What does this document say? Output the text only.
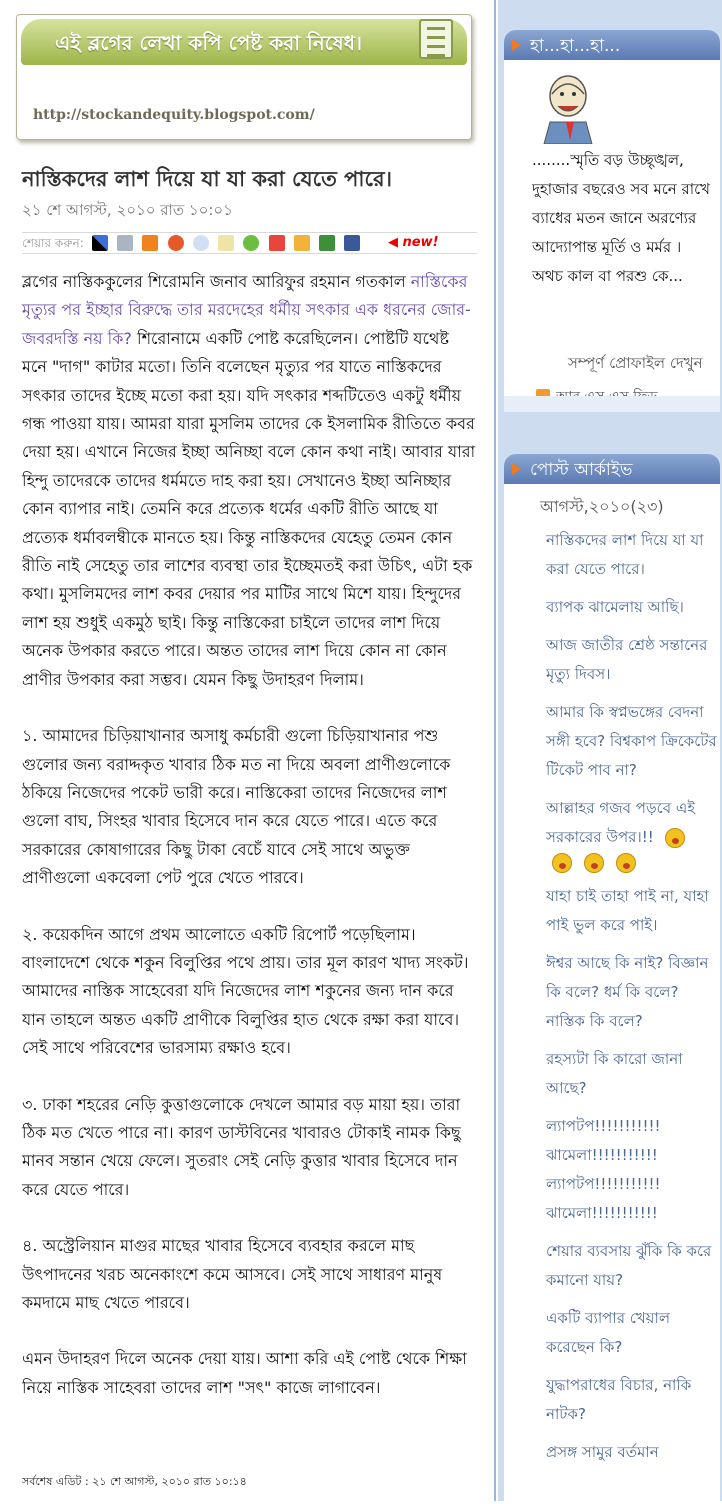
এই ব্লগের লেখা কপি পেষ্ট করা নিষেধ।
http://stockandequity.blogspot.com/
নাস্তিকদের লাশ দিয়ে যা যা করা যেতে পারে।
২১ শে আগস্ট, ২০১০ রাত ১০:০১
শেয়ার করুন:
◀	new!

ব্লগের নাস্তিককুলের শিরোমনি জনাব আরিফুর রহমান গতকাল নাস্তিকের মৃত্যুর পর ইচ্ছার বিরুদ্ধে তার মরদেহের ধর্মীয় সৎকার এক ধরনের জোর-জবরদস্তি নয় কি? শিরোনামে একটি পোষ্ট করেছিলেন। পোষ্টটি যথেষ্ট মনে "দাগ" কাটার মতো। তিনি বলেছেন মৃত্যুর পর যাতে নাস্তিকদের সৎকার তাদের ইচ্ছে মতো করা হয়। যদি সৎকার শব্দটিতেও একটু ধর্মীয় গন্ধ পাওয়া যায়। আমরা যারা মুসলিম তাদের কে ইসলামিক রীতিতে কবর দেয়া হয়। এখানে নিজের ইচ্ছা অনিচ্ছা বলে কোন কথা নাই। আবার যারা হিন্দু তাদেরকে তাদের ধর্মমতে দাহ করা হয়। সেখানেও ইচ্ছা অনিচ্ছার কোন ব্যাপার নাই। তেমনি করে প্রত্যেক ধর্মের একটি রীতি আছে যা প্রত্যেক ধর্মাবলম্বীকে মানতে হয়। কিন্তু নাস্তিকদের যেহেতু তেমন কোন রীতি নাই সেহেতু তার লাশের ব্যবস্থা তার ইচ্ছেমতই করা উচিৎ, এটা হক কথা। মুসলিমদের লাশ কবর দেয়ার পর মাটির সাথে মিশে যায়। হিন্দুদের লাশ হয় শুধুই একমুঠ ছাই। কিন্তু নাস্তিকেরা চাইলে তাদের লাশ দিয়ে অনেক উপকার করতে পারে। অন্তত তাদের লাশ দিয়ে কোন না কোন প্রাণীর উপকার করা সম্ভব। যেমন কিছু উদাহরণ দিলাম।

১. আমাদের চিড়িয়াখানার অসাধু কর্মচারী গুলো চিড়িয়াখানার পশু গুলোর জন্য বরাদ্দকৃত খাবার ঠিক মত না দিয়ে অবলা প্রাণীগুলোকে ঠকিয়ে নিজেদের পকেট ভারী করে। নাস্তিকেরা তাদের নিজেদের লাশ গুলো বাঘ, সিংহর খাবার হিসেবে দান করে যেতে পারে। এতে করে সরকারের কোষাগারের কিছু টাকা বেচেঁ যাবে সেই সাথে অভুক্ত প্রাণীগুলো একবেলা পেট পুরে খেতে পারবে।

২. কয়েকদিন আগে প্রথম আলোতে একটি রিপোর্ট পড়েছিলাম। বাংলাদেশে থেকে শকুন বিলুপ্তির পথে প্রায়। তার মূল কারণ খাদ্য সংকট। আমাদের নাস্তিক সাহেবেরা যদি নিজেদের লাশ শকুনের জন্য দান করে যান তাহলে অন্তত একটি প্রাণীকে বিলুপ্তির হাত থেকে রক্ষা করা যাবে। সেই সাথে পরিবেশের ভারসাম্য রক্ষাও হবে।

৩. ঢাকা শহরের নেড়ি কুত্তাগুলোকে দেখলে আমার বড় মায়া হয়। তারা ঠিক মত খেতে পারে না। কারণ ডাস্টবিনের খাবারও টোকাই নামক কিছু মানব সন্তান খেয়ে ফেলে। সুতরাং সেই নেড়ি কুত্তার খাবার হিসেবে দান করে যেতে পারে।

৪. অস্ট্রেলিয়ান মাগুর মাছের খাবার হিসেবে ব্যবহার করলে মাছ উৎপাদনের খরচ অনেকাংশে কমে আসবে। সেই সাথে সাধারণ মানুষ কমদামে মাছ খেতে পারবে।

এমন উদাহরণ দিলে অনেক দেয়া যায়। আশা করি এই পোষ্ট থেকে শিক্ষা নিয়ে নাস্তিক সাহেবরা তাদের লাশ "সৎ" কাজে লাগাবেন।

সর্বশেষ এডিট : ২১ শে আগস্ট, ২০১০ রাত ১০:১৪
হা...হা...হা...
........স্মৃতি বড় উচ্ছৃঙ্খল,
দুহাজার বছরেও সব মনে রাখে
ব্যাধের মতন জানে অরণ্যের আদ্যোপান্ত মূর্তি ও মর্মর ।
অথচ কাল বা পরশু কে...
সম্পূর্ণ প্রোফাইল দেখুন
পোস্ট আর্কাইভ
আগস্ট,২০১০(২৩)
নাস্তিকদের লাশ দিয়ে যা যা করা যেতে পারে।
ব্যাপক ঝামেলায় আছি।
আজ জাতীর শ্রেষ্ঠ সন্তানের মৃত্যু দিবস।
আমার কি স্বপ্নভঙ্গের বেদনা সঙ্গী হবে? বিশ্বকাপ ক্রিকেটের টিকেট পাব না?
আল্লাহর গজব পড়বে এই সরকারের উপর।!!

যাহা চাই তাহা পাই না, যাহা পাই ভুল করে পাই।
ঈশ্বর আছে কি নাই? বিজ্ঞান কি বলে? ধর্ম কি বলে? নাস্তিক কি বলে?
রহস্যটা কি কারো জানা আছে?
ল্যাপটপ!!!!!!!!!!! ঝামেলা!!!!!!!!!!! ল্যাপটপ!!!!!!!!!!! ঝামেলা!!!!!!!!!!!
শেয়ার ব্যবসায় ঝুঁকি কি করে কমানো যায়?
একটি ব্যাপার খেয়াল করেছেন কি?
যুদ্ধাপরাধের বিচার, নাকি নাটক?
প্রসঙ্গ সামুর বর্তমান
